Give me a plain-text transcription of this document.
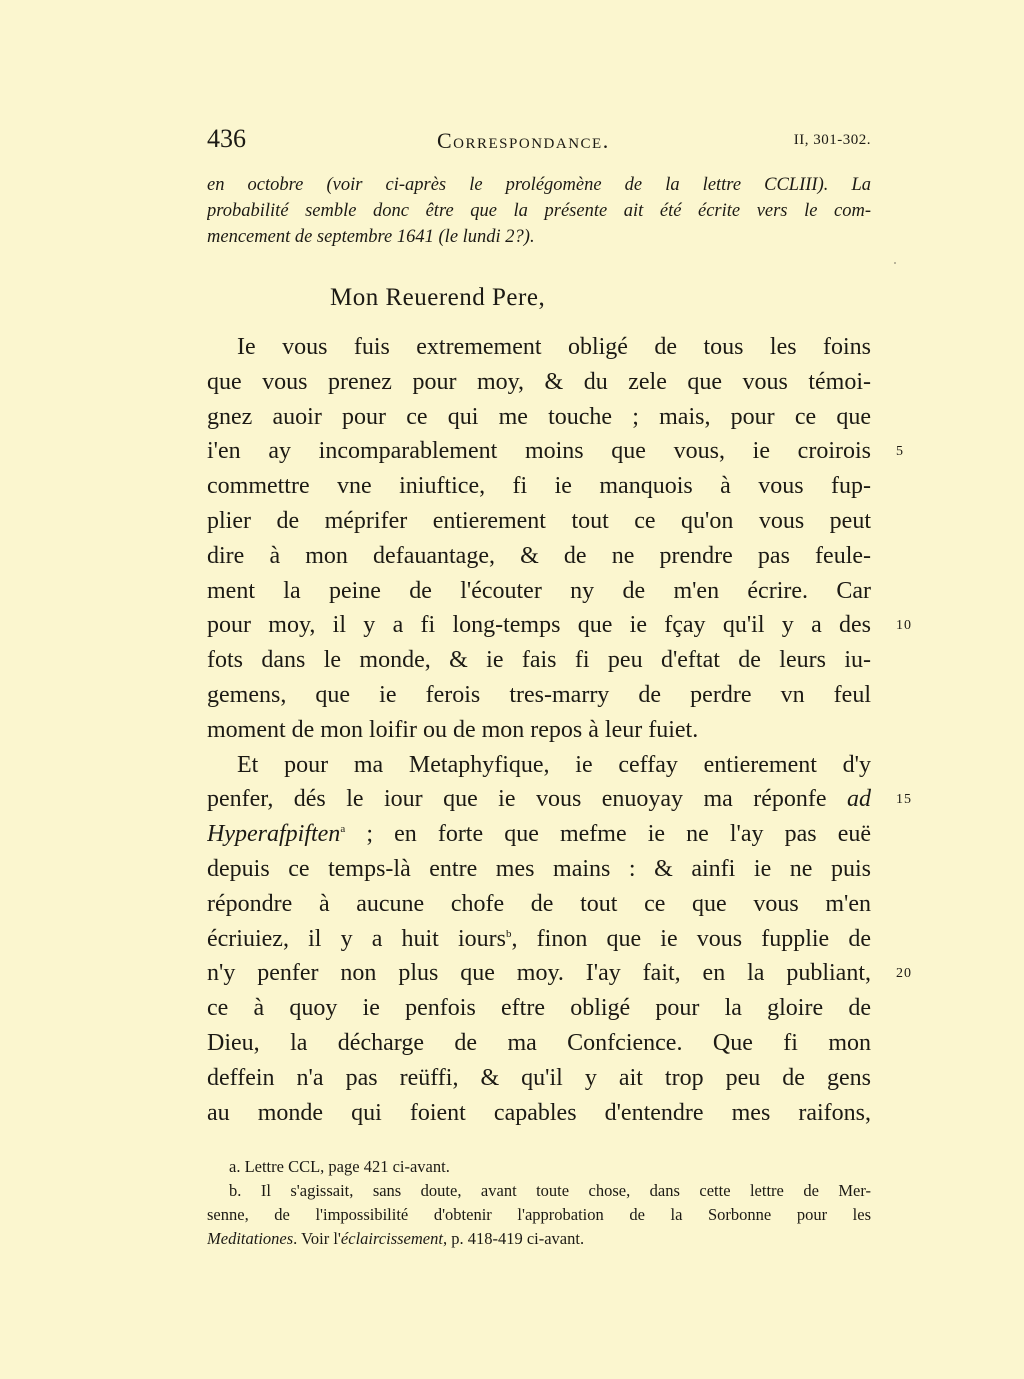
436	Correspondance.	II, 301-302.
en octobre (voir ci-après le prolégomène de la lettre CCLIII). La
probabilité semble donc être que la présente ait été écrite vers le com-
mencement de septembre 1641 (le lundi 2?).
Mon Reuerend Pere,
Ie vous fuis extremement obligé de tous les foins
que vous prenez pour moy, & du zele que vous témoi-
gnez auoir pour ce qui me touche ; mais, pour ce que
i'en ay incomparablement moins que vous, ie croirois
commettre vne iniuftice, fi ie manquois à vous fup-
plier de méprifer entierement tout ce qu'on vous peut
dire à mon defauantage, & de ne prendre pas feule-
ment la peine de l'écouter ny de m'en écrire. Car
pour moy, il y a fi long-temps que ie fçay qu'il y a des
fots dans le monde, & ie fais fi peu d'eftat de leurs iu-
gemens, que ie ferois tres-marry de perdre vn feul
moment de mon loifir ou de mon repos à leur fuiet.
Et pour ma Metaphyfique, ie ceffay entierement d'y
penfer, dés le iour que ie vous enuoyay ma réponfe ad
Hyperafpiften$^a$ ; en forte que mefme ie ne l'ay pas euë
depuis ce temps-là entre mes mains : & ainfi ie ne puis
répondre à aucune chofe de tout ce que vous m'en
écriuiez, il y a huit iours$^b$, finon que ie vous fupplie de
n'y penfer non plus que moy. I'ay fait, en la publiant,
ce à quoy ie penfois eftre obligé pour la gloire de
Dieu, la décharge de ma Confcience. Que fi mon
deffein n'a pas reüffi, & qu'il y ait trop peu de gens
au monde qui foient capables d'entendre mes raifons,
5
10
15
20
a. Lettre CCL, page 421 ci-avant.
b. Il s'agissait, sans doute, avant toute chose, dans cette lettre de Mer-
senne, de l'impossibilité d'obtenir l'approbation de la Sorbonne pour les
Meditationes. Voir l'éclaircissement, p. 418-419 ci-avant.
